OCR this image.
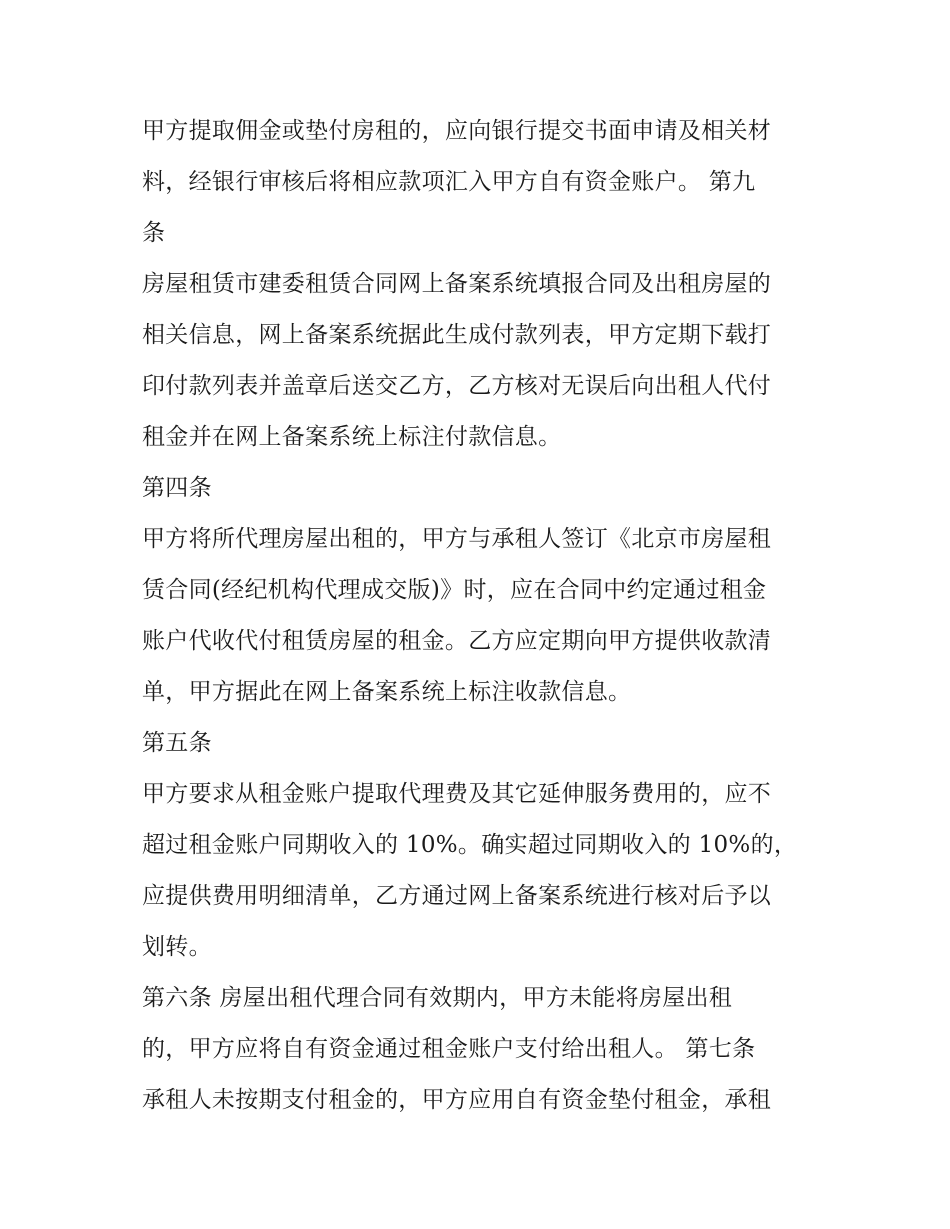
甲方提取佣金或垫付房租的，应向银行提交书面申请及相关材
料，经银行审核后将相应款项汇入甲方自有资金账户。 第九
条
房屋租赁市建委租赁合同网上备案系统填报合同及出租房屋的
相关信息，网上备案系统据此生成付款列表，甲方定期下载打
印付款列表并盖章后送交乙方，乙方核对无误后向出租人代付
租金并在网上备案系统上标注付款信息。
第四条
甲方将所代理房屋出租的，甲方与承租人签订《北京市房屋租
赁合同(经纪机构代理成交版)》时，应在合同中约定通过租金
账户代收代付租赁房屋的租金。乙方应定期向甲方提供收款清
单，甲方据此在网上备案系统上标注收款信息。
第五条
甲方要求从租金账户提取代理费及其它延伸服务费用的，应不
超过租金账户同期收入的 10%。确实超过同期收入的 10%的，
应提供费用明细清单，乙方通过网上备案系统进行核对后予以
划转。
第六条 房屋出租代理合同有效期内，甲方未能将房屋出租
的，甲方应将自有资金通过租金账户支付给出租人。 第七条
承租人未按期支付租金的，甲方应用自有资金垫付租金，承租
